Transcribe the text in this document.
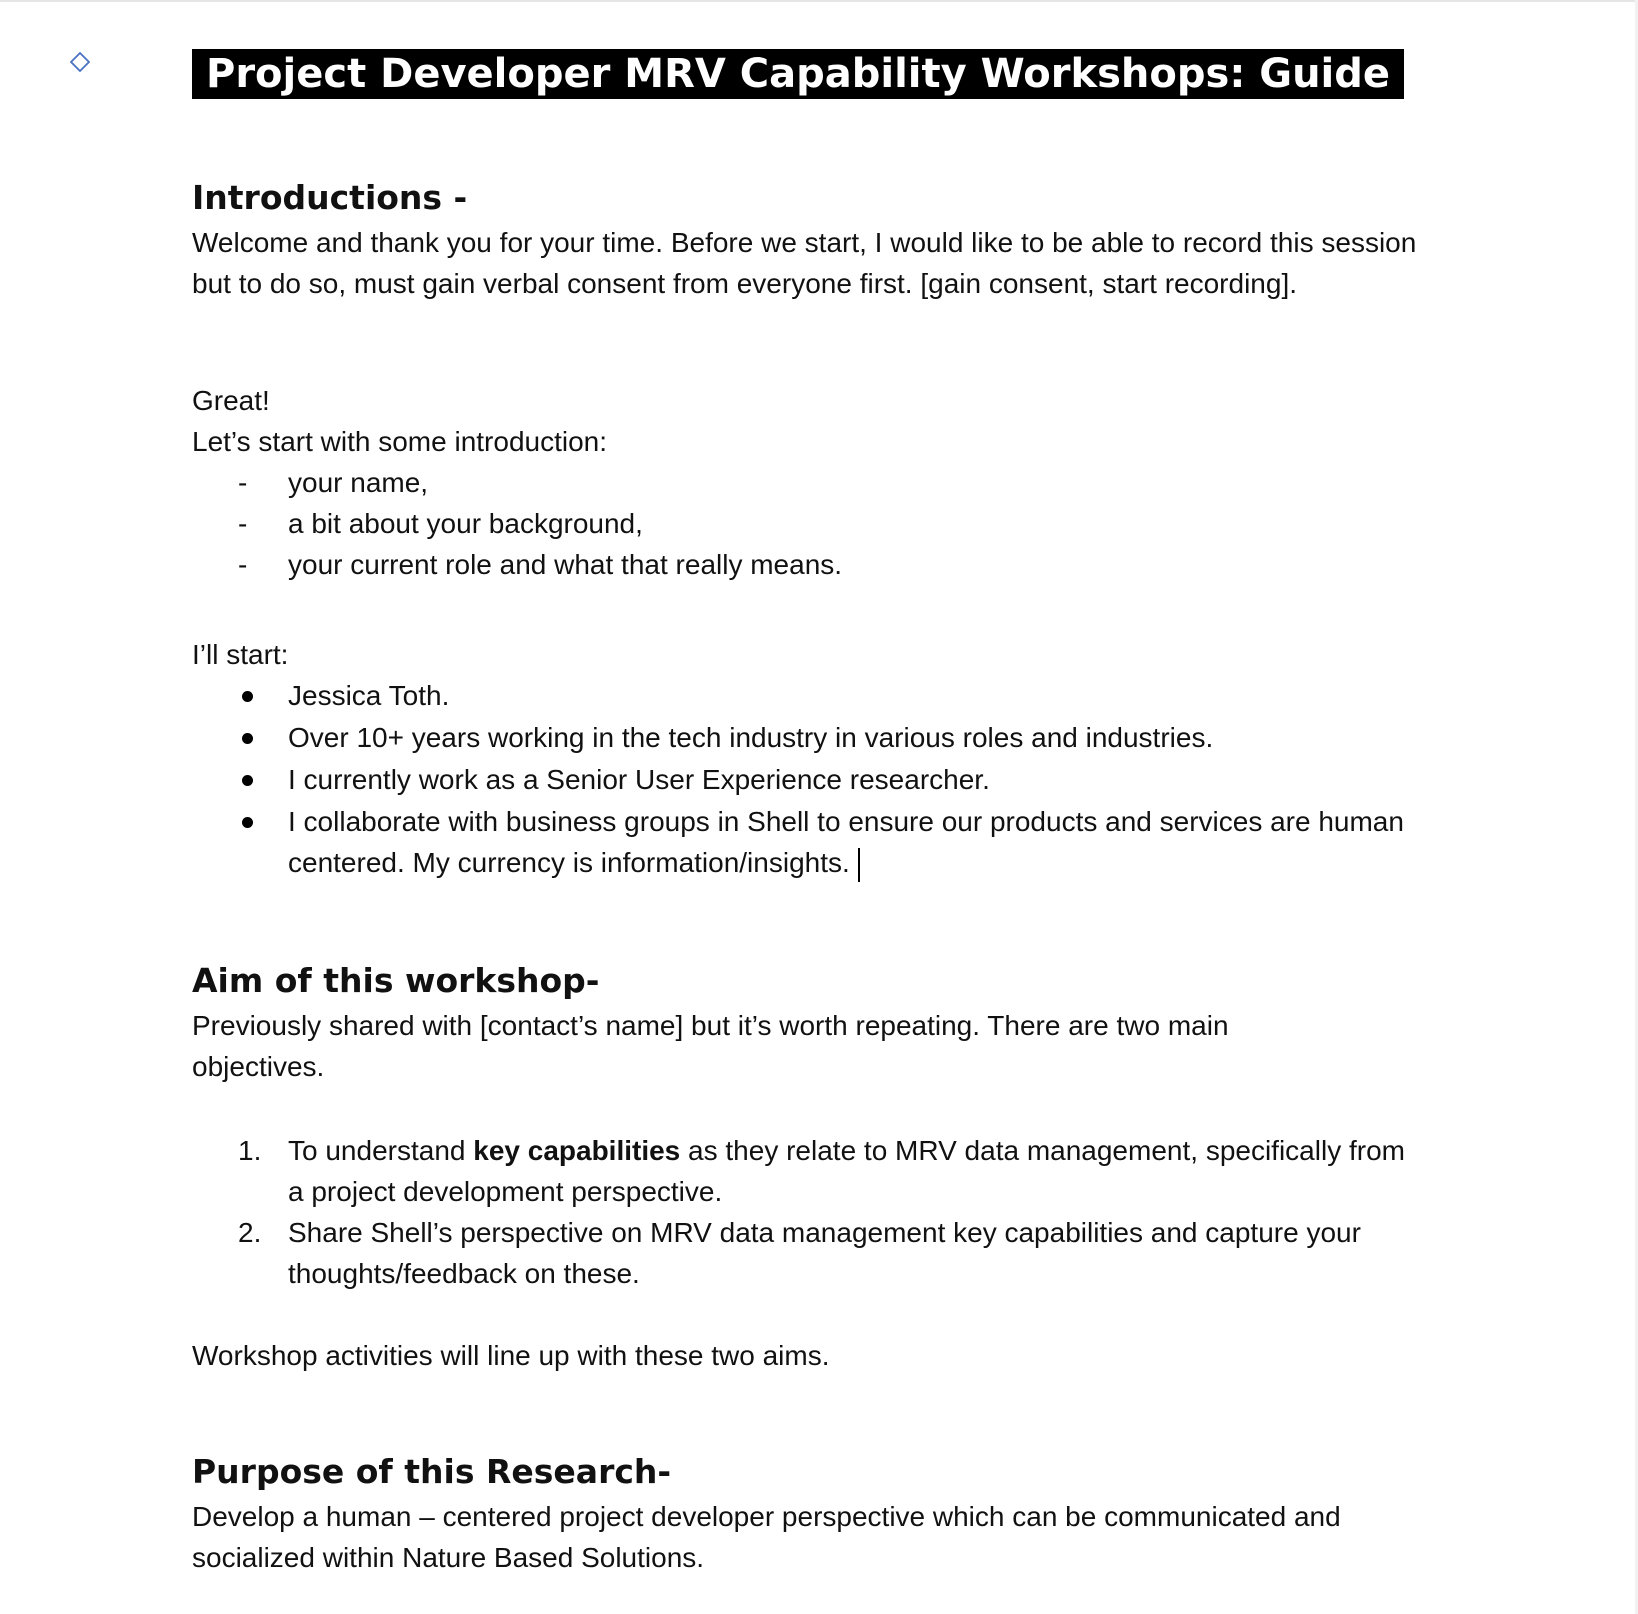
Project Developer MRV Capability Workshops: Guide
Introductions -

Welcome and thank you for your time. Before we start, I would like to be able to record this session but to do so, must gain verbal consent from everyone first. [gain consent, start recording].

Great!

Let’s start with some introduction:

- your name,
- a bit about your background,
- your current role and what that really means.

I’ll start:

Jessica Toth.
Over 10+ years working in the tech industry in various roles and industries.
I currently work as a Senior User Experience researcher.
I collaborate with business groups in Shell to ensure our products and services are human centered. My currency is information/insights.
Aim of this workshop-

Previously shared with [contact’s name] but it’s worth repeating. There are two main objectives.

1. To understand key capabilities as they relate to MRV data management, specifically from a project development perspective.
2. Share Shell’s perspective on MRV data management key capabilities and capture your thoughts/feedback on these.

Workshop activities will line up with these two aims.

Purpose of this Research-

Develop a human – centered project developer perspective which can be communicated and socialized within Nature Based Solutions.
